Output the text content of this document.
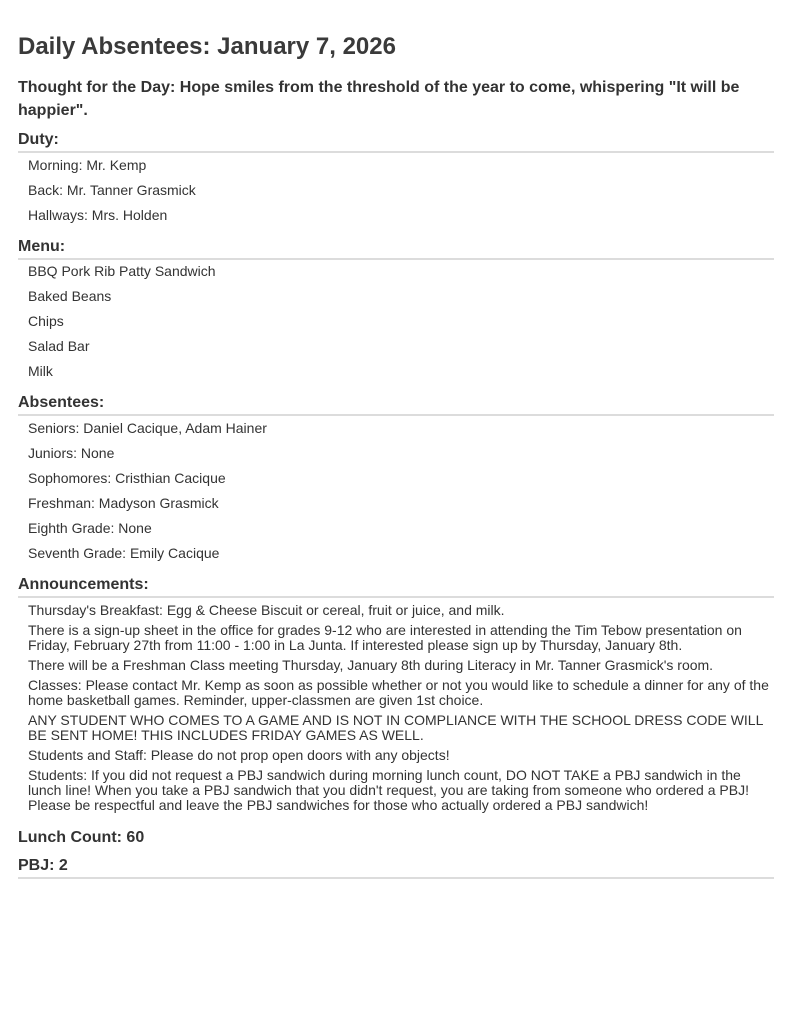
Daily Absentees: January 7, 2026

Thought for the Day: Hope smiles from the threshold of the year to come, whispering "It will be happier".

Duty:
Morning: Mr. Kemp
Back: Mr. Tanner Grasmick
Hallways: Mrs. Holden
Menu:
BBQ Pork Rib Patty Sandwich
Baked Beans
Chips
Salad Bar
Milk
Absentees:
Seniors: Daniel Cacique, Adam Hainer
Juniors: None
Sophomores: Cristhian Cacique
Freshman: Madyson Grasmick
Eighth Grade: None
Seventh Grade: Emily Cacique
Announcements:
Thursday's Breakfast: Egg & Cheese Biscuit or cereal, fruit or juice, and milk.
There is a sign-up sheet in the office for grades 9-12 who are interested in attending the Tim Tebow presentation on Friday, February 27th from 11:00 - 1:00 in La Junta. If interested please sign up by Thursday, January 8th.
There will be a Freshman Class meeting Thursday, January 8th during Literacy in Mr. Tanner Grasmick's room.
Classes: Please contact Mr. Kemp as soon as possible whether or not you would like to schedule a dinner for any of the home basketball games. Reminder, upper-classmen are given 1st choice.
ANY STUDENT WHO COMES TO A GAME AND IS NOT IN COMPLIANCE WITH THE SCHOOL DRESS CODE WILL BE SENT HOME! THIS INCLUDES FRIDAY GAMES AS WELL.
Students and Staff: Please do not prop open doors with any objects!
Students: If you did not request a PBJ sandwich during morning lunch count, DO NOT TAKE a PBJ sandwich in the lunch line! When you take a PBJ sandwich that you didn't request, you are taking from someone who ordered a PBJ! Please be respectful and leave the PBJ sandwiches for those who actually ordered a PBJ sandwich!

Lunch Count: 60

PBJ: 2
